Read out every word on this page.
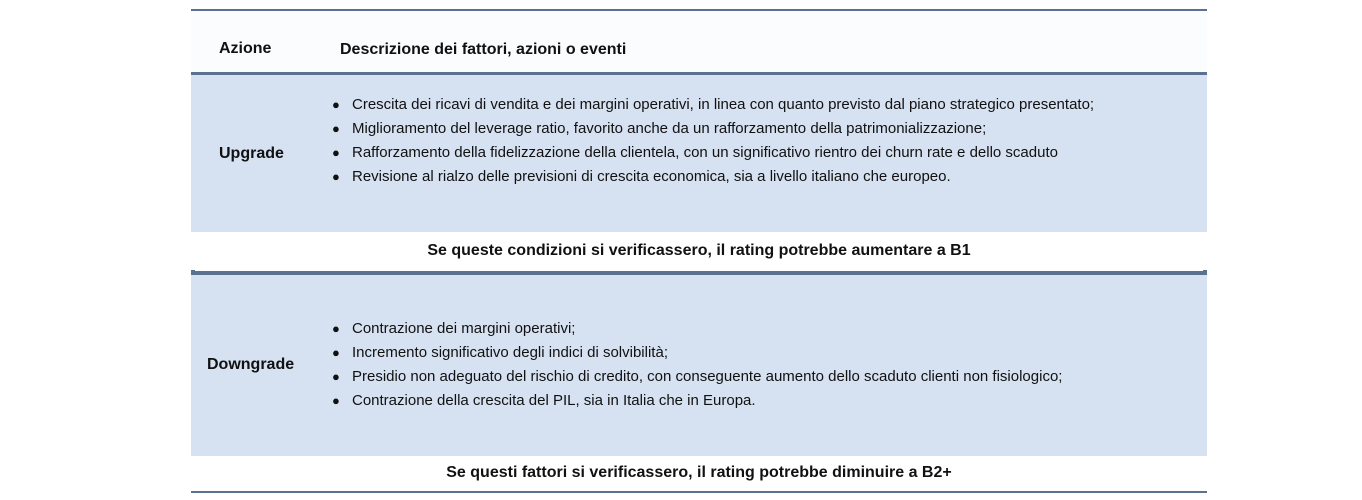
Azione	Descrizione dei fattori, azioni o eventi
Upgrade
● Crescita dei ricavi di vendita e dei margini operativi, in linea con quanto previsto dal piano strategico presentato;
● Miglioramento del leverage ratio, favorito anche da un rafforzamento della patrimonializzazione;
● Rafforzamento della fidelizzazione della clientela, con un significativo rientro dei churn rate e dello scaduto
● Revisione al rialzo delle previsioni di crescita economica, sia a livello italiano che europeo.
Se queste condizioni si verificassero, il rating potrebbe aumentare a B1
Downgrade
● Contrazione dei margini operativi;
● Incremento significativo degli indici di solvibilità;
● Presidio non adeguato del rischio di credito, con conseguente aumento dello scaduto clienti non fisiologico;
● Contrazione della crescita del PIL, sia in Italia che in Europa.
Se questi fattori si verificassero, il rating potrebbe diminuire a B2+
